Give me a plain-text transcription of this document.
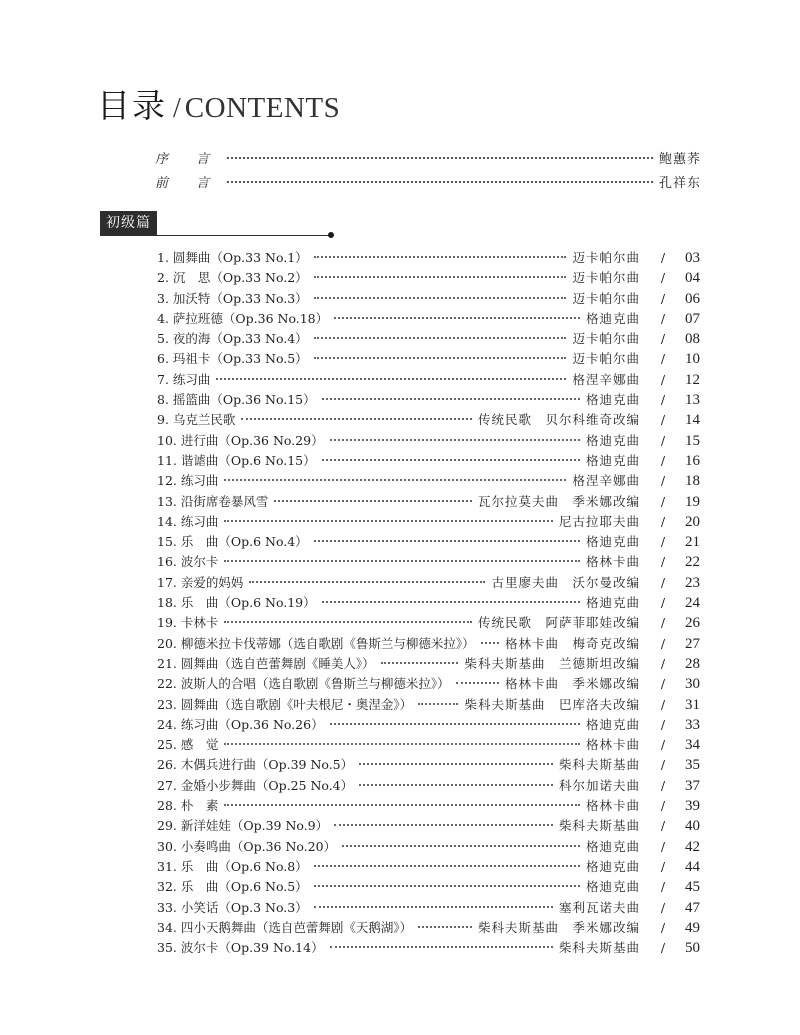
目录 / CONTENTS
序 言	鲍蕙荞
前 言	孔祥东
初级篇
1. 圆舞曲（Op.33 No.1）	迈卡帕尔曲	/	03
2. 沉　思（Op.33 No.2）	迈卡帕尔曲	/	04
3. 加沃特（Op.33 No.3）	迈卡帕尔曲	/	06
4. 萨拉班德（Op.36 No.18）	格迪克曲	/	07
5. 夜的海（Op.33 No.4）	迈卡帕尔曲	/	08
6. 玛祖卡（Op.33 No.5）	迈卡帕尔曲	/	10
7. 练习曲	格涅辛娜曲	/	12
8. 摇篮曲（Op.36 No.15）	格迪克曲	/	13
9. 乌克兰民歌	传统民歌　贝尔科维奇改编	/	14
10. 进行曲（Op.36 No.29）	格迪克曲	/	15
11. 谐谑曲（Op.6 No.15）	格迪克曲	/	16
12. 练习曲	格涅辛娜曲	/	18
13. 沿街席卷暴风雪	瓦尔拉莫夫曲　季米娜改编	/	19
14. 练习曲	尼古拉耶夫曲	/	20
15. 乐　曲（Op.6 No.4）	格迪克曲	/	21
16. 波尔卡	格林卡曲	/	22
17. 亲爱的妈妈	古里廖夫曲　沃尔曼改编	/	23
18. 乐　曲（Op.6 No.19）	格迪克曲	/	24
19. 卡林卡	传统民歌　阿萨菲耶娃改编	/	26
20. 柳德米拉卡伐蒂娜（选自歌剧《鲁斯兰与柳德米拉》） 格林卡曲　梅奇克改编	/	27
21. 圆舞曲（选自芭蕾舞剧《睡美人》）	柴科夫斯基曲　兰德斯坦改编	/	28
22. 波斯人的合唱（选自歌剧《鲁斯兰与柳德米拉》）	格林卡曲　季米娜改编	/	30
23. 圆舞曲（选自歌剧《叶夫根尼・奥涅金》）	柴科夫斯基曲　巴库洛夫改编	/	31
24. 练习曲（Op.36 No.26）	格迪克曲	/	33
25. 感　觉	格林卡曲	/	34
26. 木偶兵进行曲（Op.39 No.5）	柴科夫斯基曲	/	35
27. 金婚小步舞曲（Op.25 No.4）	科尔加诺夫曲	/	37
28. 朴　素	格林卡曲	/	39
29. 新洋娃娃（Op.39 No.9）	柴科夫斯基曲	/	40
30. 小奏鸣曲（Op.36 No.20）	格迪克曲	/	42
31. 乐　曲（Op.6 No.8）	格迪克曲	/	44
32. 乐　曲（Op.6 No.5）	格迪克曲	/	45
33. 小笑话（Op.3 No.3）	塞利瓦诺夫曲	/	47
34. 四小天鹅舞曲（选自芭蕾舞剧《天鹅湖》）	柴科夫斯基曲　季米娜改编	/	49
35. 波尔卡（Op.39 No.14）	柴科夫斯基曲	/	50
